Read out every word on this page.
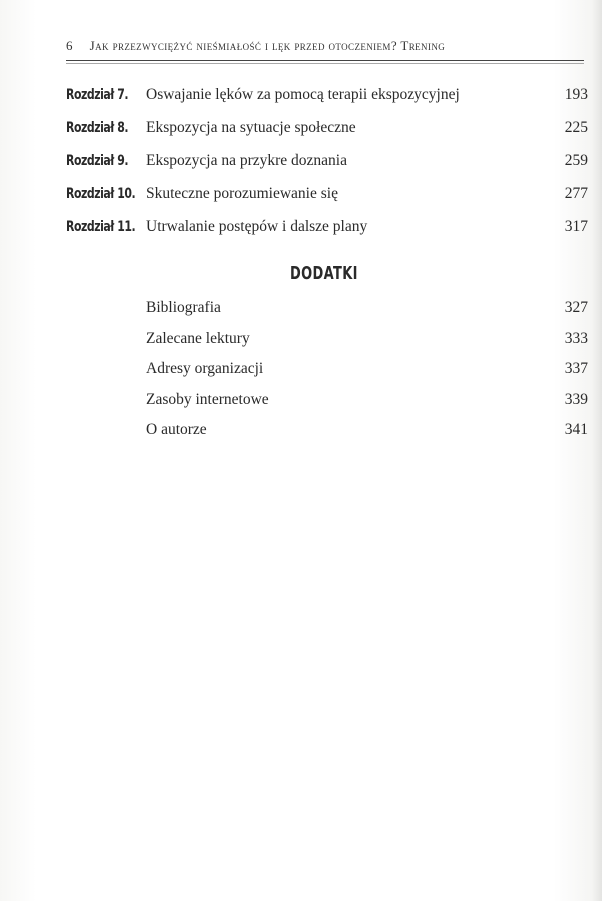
6 Jak przezwyciężyć nieśmiałość i lęk przed otoczeniem? Trening
Rozdział 7. Oswajanie lęków za pomocą terapii ekspozycyjnej	193
Rozdział 8. Ekspozycja na sytuacje społeczne	225
Rozdział 9. Ekspozycja na przykre doznania	259
Rozdział 10. Skuteczne porozumiewanie się	277
Rozdział 11. Utrwalanie postępów i dalsze plany	317
DODATKI
Bibliografia	327
Zalecane lektury	333
Adresy organizacji	337
Zasoby internetowe	339
O autorze	341
